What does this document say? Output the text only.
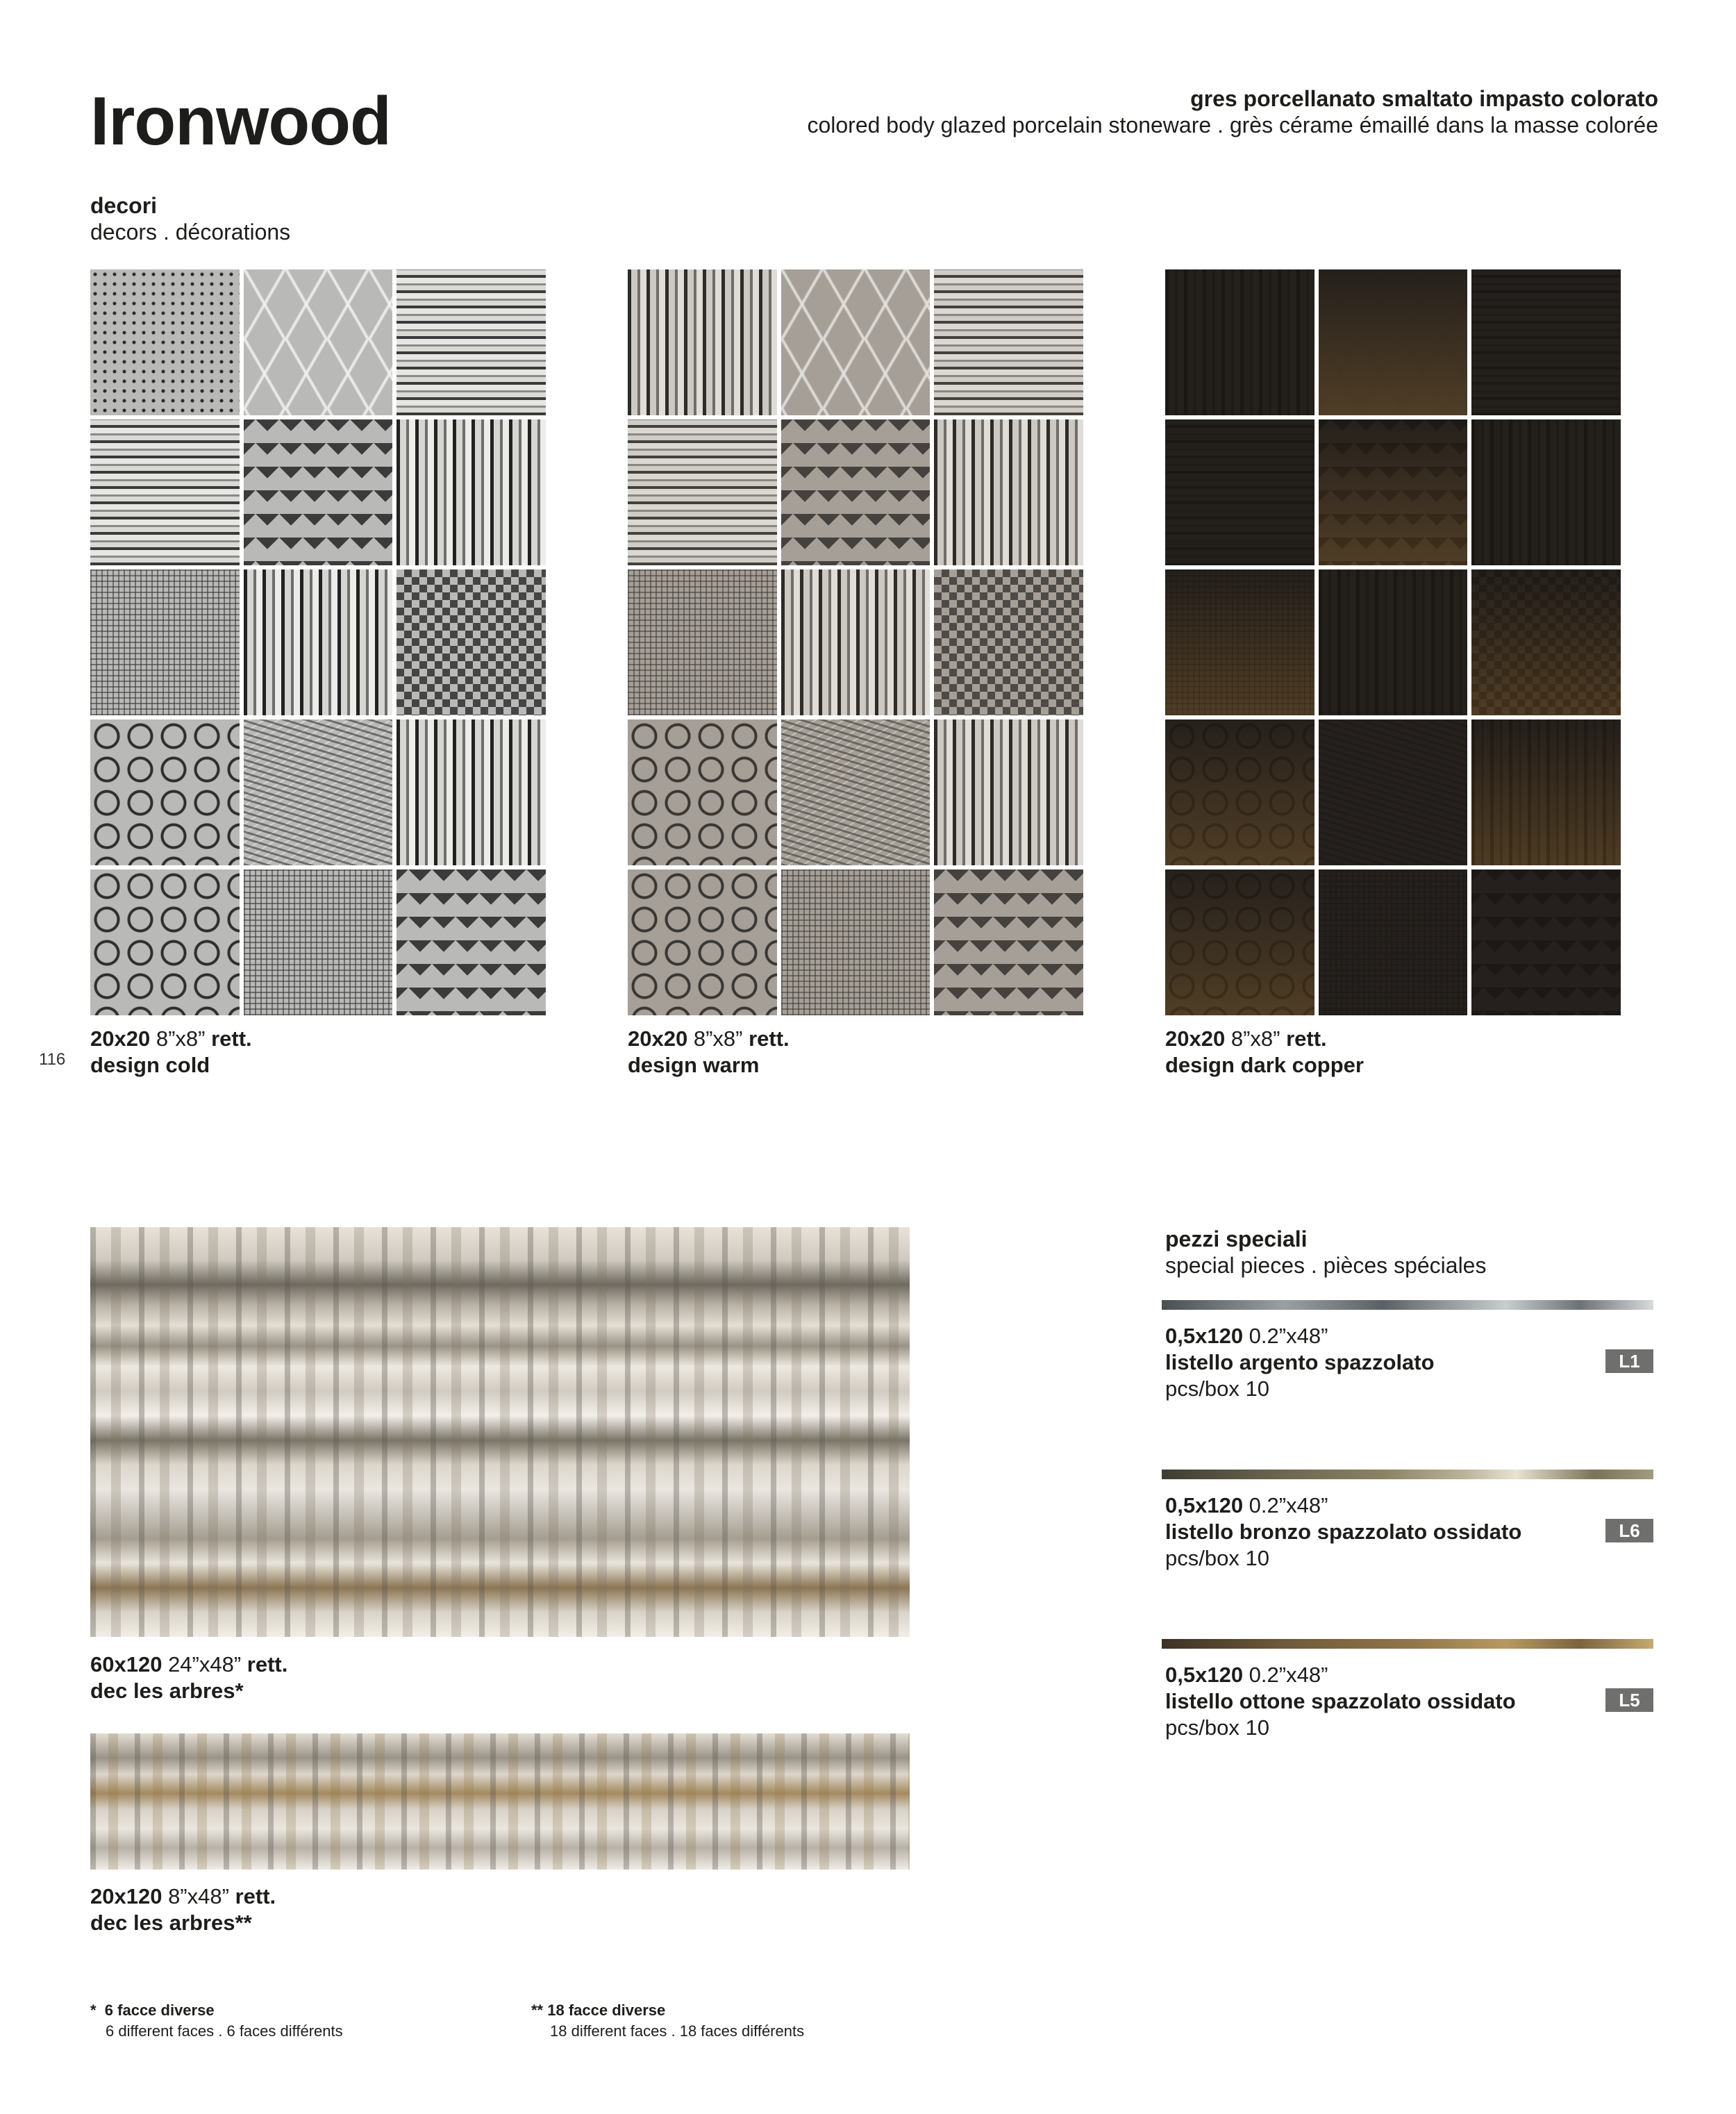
Ironwood	gres porcellanato smaltato impasto colorato
colored body glazed porcelain stoneware . grès cérame émaillé dans la masse colorée
decori
decors . décorations
20x20 8”x8” rett.
design cold
116
20x20 8”x8” rett.
design warm
20x20 8”x8” rett.
design dark copper
60x120 24”x48” rett.
dec les arbres*
20x120 8”x48” rett.
dec les arbres**
pezzi speciali
special pieces . pièces spéciales
0,5x120 0.2”x48”
listello argento spazzolato
pcs/box 10
L1
0,5x120 0.2”x48”
listello bronzo spazzolato ossidato
pcs/box 10
L6
0,5x120 0.2”x48”
listello ottone spazzolato ossidato
pcs/box 10
L5
* 6 facce diverse
6 different faces . 6 faces différents
** 18 facce diverse
18 different faces . 18 faces différents
